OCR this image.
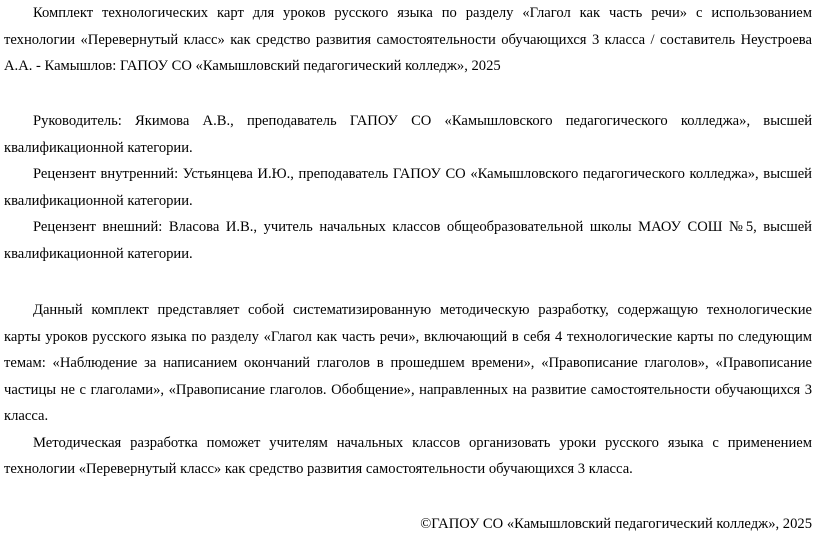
Комплект технологических карт для уроков русского языка по разделу «Глагол как часть речи» с использованием технологии «Перевернутый класс» как средство развития самостоятельности обучающихся 3 класса / составитель Неустроева А.А. - Камышлов: ГАПОУ СО «Камышловский педагогический колледж», 2025

Руководитель: Якимова А.В., преподаватель ГАПОУ СО «Камышловского педагогического колледжа», высшей квалификационной категории.

Рецензент внутренний: Устьянцева И.Ю., преподаватель ГАПОУ СО «Камышловского педагогического колледжа», высшей квалификационной категории.

Рецензент внешний: Власова И.В., учитель начальных классов общеобразовательной школы МАОУ СОШ №5, высшей квалификационной категории.

Данный комплект представляет собой систематизированную методическую разработку, содержащую технологические карты уроков русского языка по разделу «Глагол как часть речи», включающий в себя 4 технологические карты по следующим темам: «Наблюдение за написанием окончаний глаголов в прошедшем времени», «Правописание глаголов», «Правописание частицы не с глаголами», «Правописание глаголов. Обобщение», направленных на развитие самостоятельности обучающихся 3 класса.

Методическая разработка поможет учителям начальных классов организовать уроки русского языка с применением технологии «Перевернутый класс» как средство развития самостоятельности обучающихся 3 класса.

©ГАПОУ СО «Камышловский педагогический колледж», 2025
